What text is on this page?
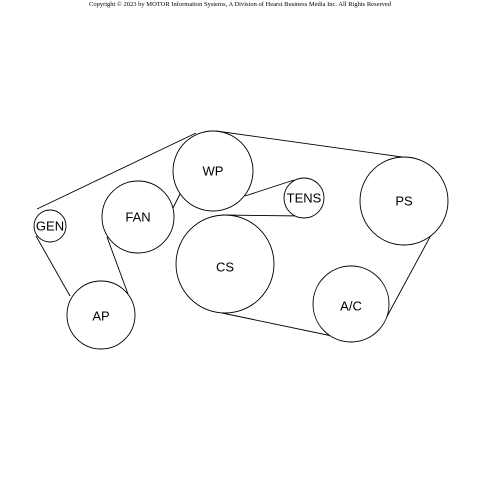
Copyright © 2023 by MOTOR Information Systems, A Division of Hearst Business Media Inc. All Rights Reserved
GEN
FAN
WP
TENS	PS
CS
A/C
AP
